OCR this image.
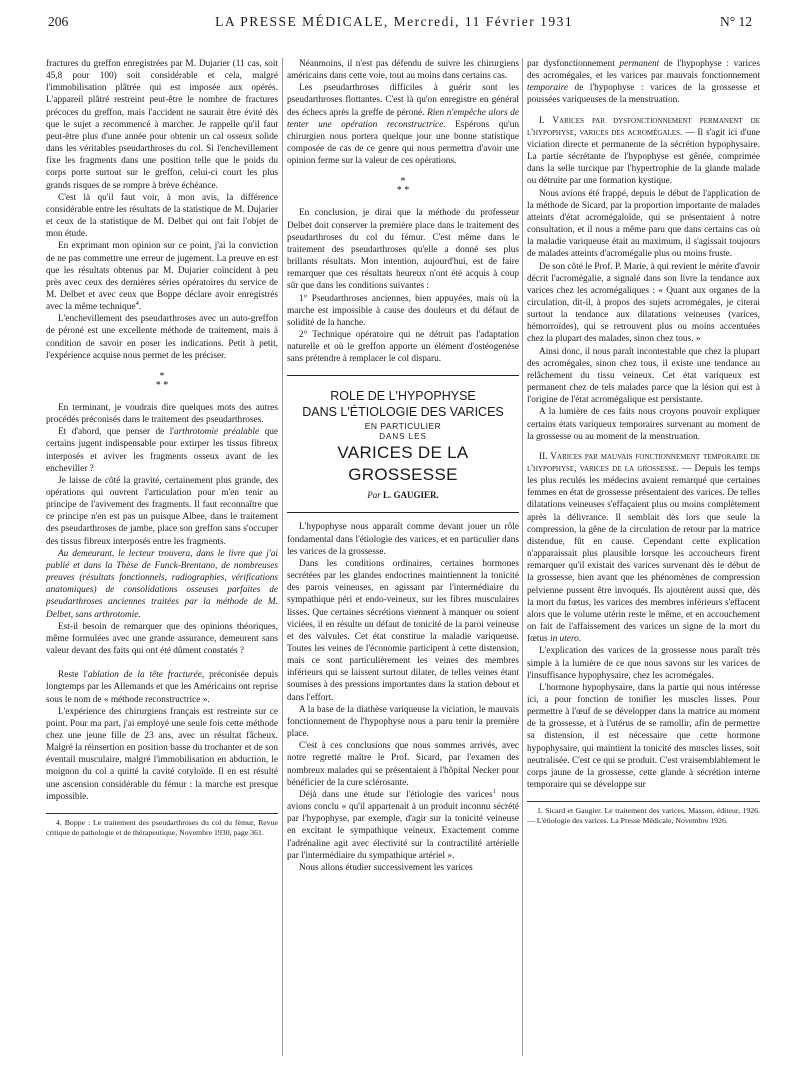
206	LA PRESSE MÉDICALE, Mercredi, 11 Février 1931	N° 12

fractures du greffon enregistrées par M. Dujarier (11 cas, soit 45,8 pour 100) soit considérable et cela, malgré l'immobilisation plâtrée qui est imposée aux opérés. L'appareil plâtré restreint peut-être le nombre de fractures précoces du greffon, mais l'accident ne saurait être évité dès que le sujet a recommencé à marcher. Je rappelle qu'il faut peut-être plus d'une année pour obtenir un cal osseux solide dans les véritables pseudarthroses du col. Si l'enchevillement fixe les fragments dans une position telle que le poids du corps porte surtout sur le greffon, celui-ci court les plus grands risques de se rompre à brève échéance.

C'est là qu'il faut voir, à mon avis, la différence considérable entre les résultats de la statistique de M. Dujarier et ceux de la statistique de M. Delbet qui ont fait l'objet de mon étude.

En exprimant mon opinion sur ce point, j'ai la conviction de ne pas commettre une erreur de jugement. La preuve en est que les résultats obtenus par M. Dujarier coïncident à peu près avec ceux des dernières séries opératoires du service de M. Delbet et avec ceux que Boppe déclare avoir enregistrés avec la même technique$^4$.

L'enchevillement des pseudarthroses avec un auto-greffon de péroné est une excellente méthode de traitement, mais à condition de savoir en poser les indications. Petit à petit, l'expérience acquise nous permet de les préciser.

*
* *

En terminant, je voudrais dire quelques mots des autres procédés préconisés dans le traitement des pseudarthroses.

Et d'abord, que penser de l'arthrotomie préalable que certains jugent indispensable pour extirper les tissus fibreux interposés et aviver les fragments osseux avant de les encheviller ?

Je laisse de côté la gravité, certainement plus grande, des opérations qui ouvrent l'articulation pour m'en tenir au principe de l'avivement des fragments. Il faut reconnaître que ce principe n'en est pas un puisque Albee, dans le traitement des pseudarthroses de jambe, place son greffon sans s'occuper des tissus fibreux interposés entre les fragments.

Au demeurant, le lecteur trouvera, dans le livre que j'ai publié et dans la Thèse de Funck-Brentano, de nombreuses preuves (résultats fonctionnels, radiographies, vérifications anatomiques) de consolidations osseuses parfaites de pseudarthroses anciennes traitées par la méthode de M. Delbet, sans arthrotomie.

Est-il besoin de remarquer que des opinions théoriques, même formulées avec une grande assurance, demeurent sans valeur devant des faits qui ont été dûment constatés ?

Reste l'ablation de la tête fracturée, préconisée depuis longtemps par les Allemands et que les Américains ont reprise sous le nom de « méthode reconstructrice ».

L'expérience des chirurgiens français est restreinte sur ce point. Pour ma part, j'ai employé une seule fois cette méthode chez une jeune fille de 23 ans, avec un résultat fâcheux. Malgré la réinsertion en position basse du trochanter et de son éventail musculaire, malgré l'immobilisation en abduction, le moignon du col a quitté la cavité cotyloïde. Il en est résulté une ascension considérable du fémur : la marche est presque impossible.

4. Boppe : Le traitement des pseudarthroses du col du fémur, Revue critique de pathologie et de thérapeutique, Novembre 1930, page 361.

Néanmoins, il n'est pas défendu de suivre les chirurgiens américains dans cette voie, tout au moins dans certains cas.

Les pseudarthroses difficiles à guérir sont les pseudarthroses flottantes. C'est là qu'on enregistre en général des échecs après la greffe de péroné. Rien n'empêche alors de tenter une opération reconstructrice. Espérons qu'un chirurgien nous portera quelque jour une bonne statistique composée de cas de ce genre qui nous permettra d'avoir une opinion ferme sur la valeur de ces opérations.

*
* *

En conclusion, je dirai que la méthode du professeur Delbet doit conserver la première place dans le traitement des pseudarthroses du col du fémur. C'est même dans le traitement des pseudarthroses qu'elle a donné ses plus brillants résultats. Mon intention, aujourd'hui, est de faire remarquer que ces résultats heureux n'ont été acquis à coup sûr que dans les conditions suivantes :

1° Pseudarthroses anciennes, bien appuyées, mais où la marche est impossible à cause des douleurs et du défaut de solidité de la hanche.

2° Technique opératoire qui ne détruit pas l'adaptation naturelle et où le greffon apporte un élément d'ostéogenèse sans prétendre à remplacer le col disparu.

ROLE DE L'HYPOPHYSE
DANS L'ÉTIOLOGIE DES VARICES
EN PARTICULIER
DANS LES
VARICES DE LA GROSSESSE
Par L. GAUGIER.

L'hypophyse nous apparaît comme devant jouer un rôle fondamental dans l'étiologie des varices, et en particulier dans les varices de la grossesse.

Dans les conditions ordinaires, certaines hormones secrétées par les glandes endocrines maintiennent la tonicité des parois veineuses, en agissant par l'intermédiaire du sympathique péri et endo-veineux, sur les fibres musculaires lisses. Que certaines sécrétions viennent à manquer ou soient viciées, il en résulte un défaut de tonicité de la paroi veineuse et des valvules. Cet état constitue la maladie variqueuse. Toutes les veines de l'économie participent à cette distension, mais ce sont particulièrement les veines des membres inférieurs qui se laissent surtout dilater, de telles veines étant soumises à des pressions importantes dans la station debout et dans l'effort.

A la base de la diathèse variqueuse la viciation, le mauvais fonctionnement de l'hypophyse nous a paru tenir la première place.

C'est à ces conclusions que nous sommes arrivés, avec notre regretté maître le Prof. Sicard, par l'examen des nombreux malades qui se présentaient à l'hôpital Necker pour bénéficier de la cure sclérosante.

Déjà dans une étude sur l'étiologie des varices$^1$ nous avions conclu « qu'il appartenait à un produit inconnu sécrété par l'hypophyse, par exemple, d'agir sur la tonicité veineuse en excitant le sympathique veineux. Exactement comme l'adrénaline agit avec électivité sur la contractilité artérielle par l'intermédiaire du sympathique artériel ».

Nous allons étudier successivement les varices

par dysfonctionnement permanent de l'hypophyse : varices des acromégales, et les varices par mauvais fonctionnement temporaire de l'hypophyse : varices de la grossesse et poussées variqueuses de la menstruation.

I. Varices par dysfonctionnement permanent de l'hypophyse, varices des acromégales. — Il s'agit ici d'une viciation directe et permanente de la sécrétion hypophysaire. La partie sécrétante de l'hypophyse est gênée, comprimée dans la selle turcique par l'hypertrophie de la glande malade ou détruite par une formation kystique.

Nous avions été frappé, depuis le début de l'application de la méthode de Sicard, par la proportion importante de malades atteints d'état acromégaloïde, qui se présentaient à notre consultation, et il nous a même paru que dans certains cas où la maladie variqueuse était au maximum, il s'agissait toujours de malades atteints d'acromégalie plus ou moins fruste.

De son côté le Prof. P. Marie, à qui revient le mérite d'avoir décrit l'acromégalie, a signalé dans son livre la tendance aux varices chez les acromégaliques : « Quant aux organes de la circulation, dit-il, à propos des sujets acromégales, je citerai surtout la tendance aux dilatations veineuses (varices, hémorroïdes), qui se retrouvent plus ou moins accentuées chez la plupart des malades, sinon chez tous. »

Ainsi donc, il nous paraît incontestable que chez la plupart des acromégales, sinon chez tous, il existe une tendance au relâchement du tissu veineux. Cet état variqueux est permanent chez de tels malades parce que la lésion qui est à l'origine de l'état acromégalique est persistante.

A la lumière de ces faits nous croyons pouvoir expliquer certains états variqueux temporaires survenant au moment de la grossesse ou au moment de la menstruation.

II. Varices par mauvais fonctionnement temporaire de l'hypophyse, varices de la grossesse. — Depuis les temps les plus reculés les médecins avaient remarqué que certaines femmes en état de grossesse présentaient des varices. De telles dilatations veineuses s'effaçaient plus ou moins complètement après la délivrance. Il semblait dès lors que seule la compression, la gêne de la circulation de retour par la matrice distendue, fût en cause. Cependant cette explication n'apparaissait plus plausible lorsque les accoucheurs firent remarquer qu'il existait des varices survenant dès le début de la grossesse, bien avant que les phénomènes de compression pelvienne pussent être invoqués. Ils ajoutèrent aussi que, dès la mort du fœtus, les varices des membres inférieurs s'effacent alors que le volume utérin reste le même, et en accouchement on fait de l'affaissement des varices un signe de la mort du fœtus in utero.

L'explication des varices de la grossesse nous paraît très simple à la lumière de ce que nous savons sur les varices de l'insuffisance hypophysaire, chez les acromégales.

L'hormone hypophysaire, dans la partie qui nous intéresse ici, a pour fonction de tonifier les muscles lisses. Pour permettre à l'œuf de se développer dans la matrice au moment de la grossesse, et à l'utérus de se ramollir, afin de permettre sa distension, il est nécessaire que cette hormone hypophysaire, qui maintient la tonicité des muscles lisses, soit neutralisée. C'est ce qui se produit. C'est vraisemblablement le corps jaune de la grossesse, cette glande à sécrétion interne temporaire qui se développe sur

1. Sicard et Gaugier. Le traitement des varices, Masson, éditeur, 1926. — L'étiologie des varices. La Presse Médicale, Novembre 1926.
